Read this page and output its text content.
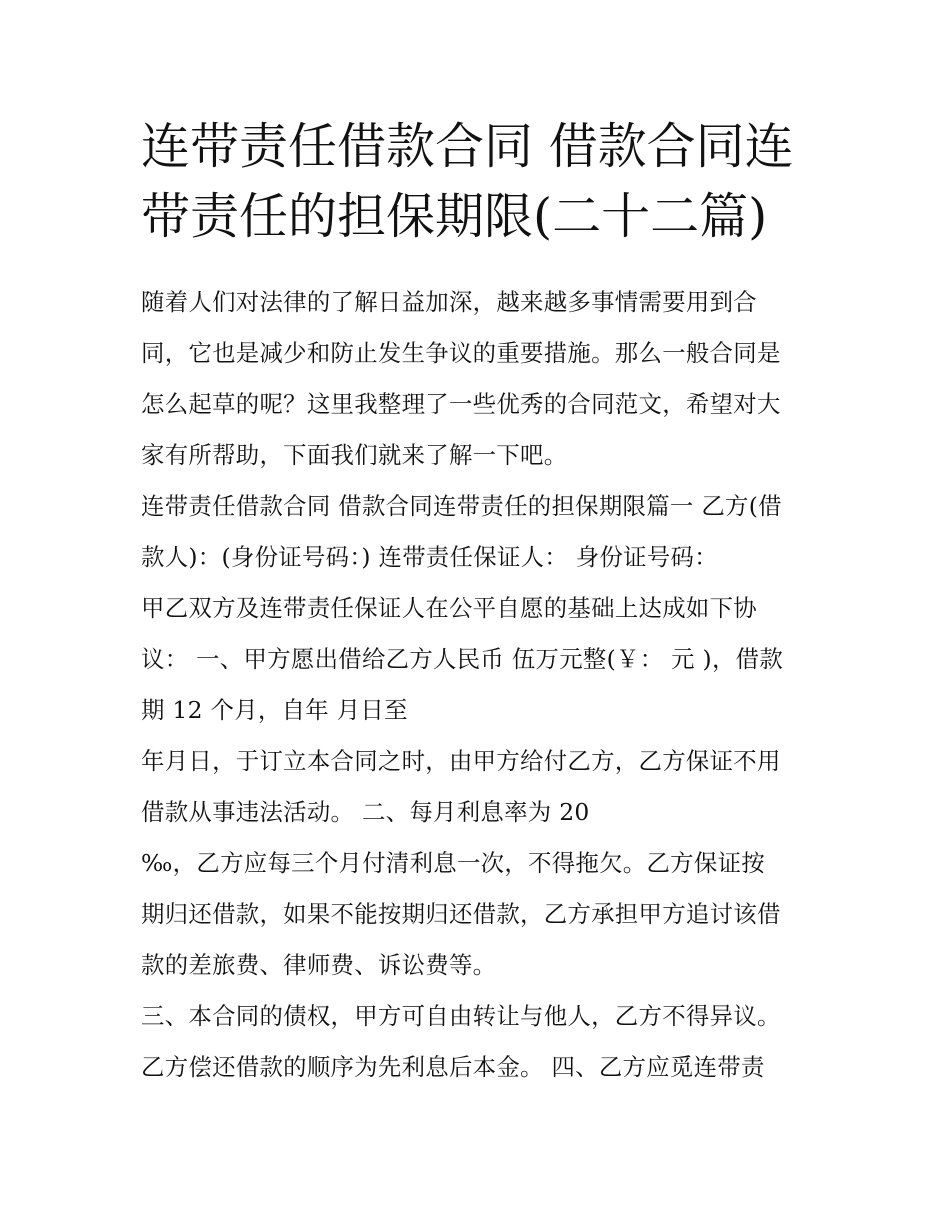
连带责任借款合同 借款合同连
带责任的担保期限(二十二篇)
随着人们对法律的了解日益加深，越来越多事情需要用到合
同，它也是减少和防止发生争议的重要措施。那么一般合同是
怎么起草的呢？这里我整理了一些优秀的合同范文，希望对大
家有所帮助，下面我们就来了解一下吧。
连带责任借款合同 借款合同连带责任的担保期限篇一 乙方(借
款人)：(身份证号码：) 连带责任保证人： 身份证号码：
甲乙双方及连带责任保证人在公平自愿的基础上达成如下协
议： 一、甲方愿出借给乙方人民币 伍万元整(￥： 元 )，借款
期 12 个月，自年 月日至
年月日，于订立本合同之时，由甲方给付乙方，乙方保证不用
借款从事违法活动。 二、每月利息率为 20
‰，乙方应每三个月付清利息一次，不得拖欠。乙方保证按
期归还借款，如果不能按期归还借款，乙方承担甲方追讨该借
款的差旅费、律师费、诉讼费等。
三、本合同的债权，甲方可自由转让与他人，乙方不得异议。
乙方偿还借款的顺序为先利息后本金。 四、乙方应觅连带责
